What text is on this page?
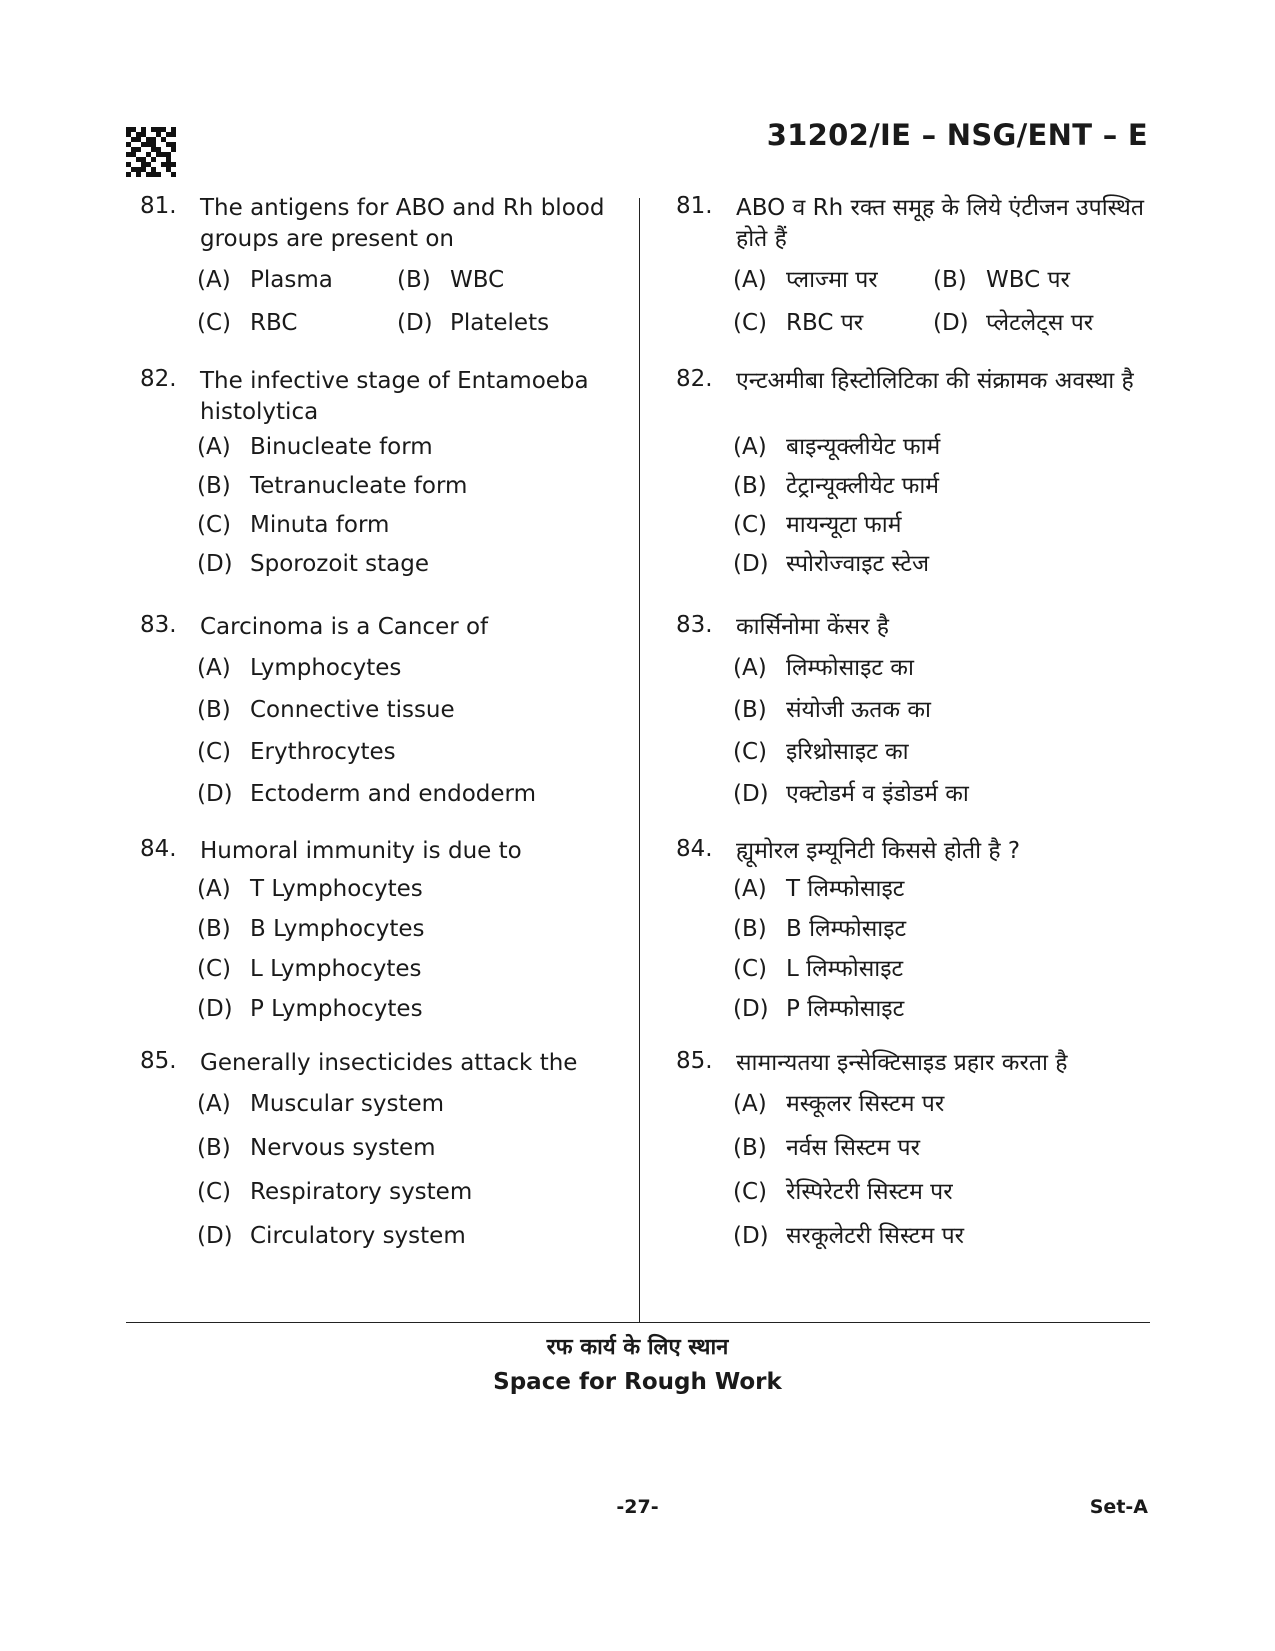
31202/IE – NSG/ENT – E
81. The antigens for ABO and Rh blood groups are present on
(A) Plasma	(B) WBC
(C) RBC	(D) Platelets
82. The infective stage of Entamoeba histolytica
(A) Binucleate form
(B) Tetranucleate form
(C) Minuta form
(D) Sporozoit stage
83. Carcinoma is a Cancer of
(A) Lymphocytes
(B) Connective tissue
(C) Erythrocytes
(D) Ectoderm and endoderm
84. Humoral immunity is due to
(A) T Lymphocytes
(B) B Lymphocytes
(C) L Lymphocytes
(D) P Lymphocytes
85. Generally insecticides attack the
(A) Muscular system
(B) Nervous system
(C) Respiratory system
(D) Circulatory system
81. ABO व Rh रक्त समूह के लिये एंटीजन उपस्थित होते हैं
(A) प्लाज्मा पर (B) WBC पर
(C) RBC पर	(D) प्लेटलेट्स पर
82. एन्टअमीबा हिस्टोलिटिका की संक्रामक अवस्था है
(A) बाइन्यूक्लीयेट फार्म
(B) टेट्रान्यूक्लीयेट फार्म
(C) मायन्यूटा फार्म
(D) स्पोरोज्वाइट स्टेज
83. कार्सिनोमा केंसर है
(A) लिम्फोसाइट का
(B) संयोजी ऊतक का
(C) इरिथ्रोसाइट का
(D) एक्टोडर्म व इंडोडर्म का
84. ह्यूमोरल इम्यूनिटी किससे होती है ?
(A) T लिम्फोसाइट
(B) B लिम्फोसाइट
(C) L लिम्फोसाइट
(D) P लिम्फोसाइट
85. सामान्यतया इन्सेक्टिसाइड प्रहार करता है
(A) मस्कूलर सिस्टम पर
(B) नर्वस सिस्टम पर
(C) रेस्पिरेटरी सिस्टम पर
(D) सरकूलेटरी सिस्टम पर
रफ कार्य के लिए स्थान
Space for Rough Work
-27-	Set-A
